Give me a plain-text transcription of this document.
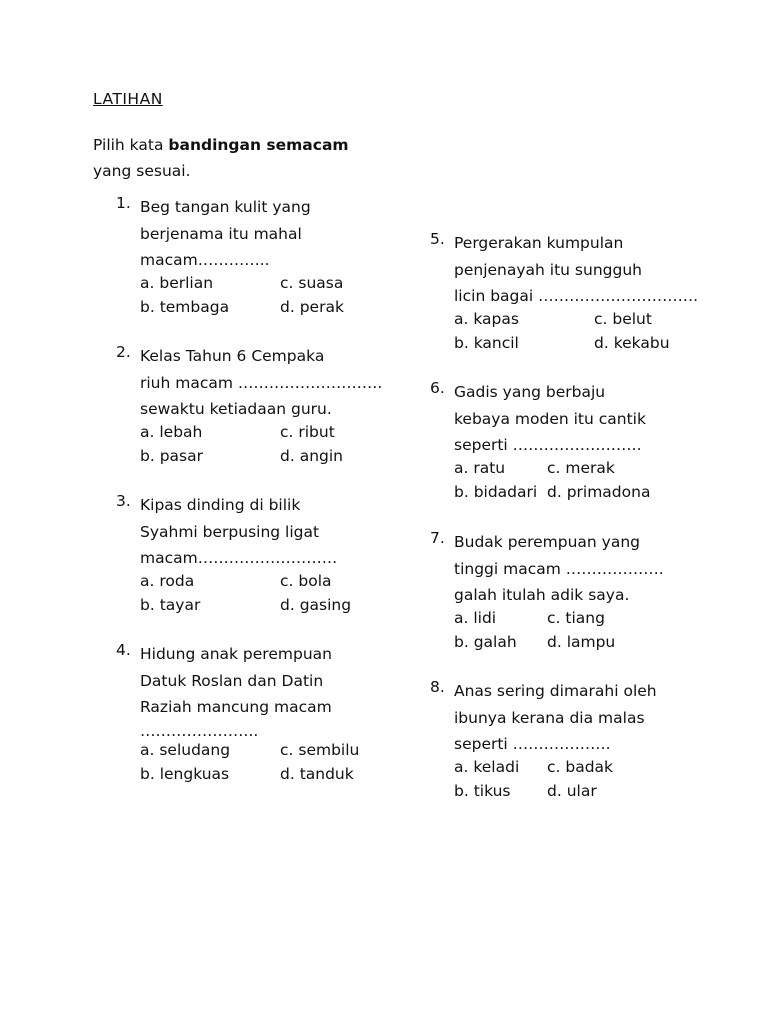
LATIHAN
Pilih kata bandingan semacam
yang sesuai.
1. Beg tangan kulit yang
berjenama itu mahal
macam…………..
a. berlian	c. suasa
b. tembaga	d. perak
2. Kelas Tahun 6 Cempaka
riuh macam ……………………….
sewaktu ketiadaan guru.
a. lebah	c. ribut
b. pasar	d. angin
3. Kipas dinding di bilik
Syahmi berpusing ligat
macam………………………
a. roda	c. bola
b. tayar	d. gasing
4. Hidung anak perempuan
Datuk Roslan dan Datin
Raziah mancung macam
…………………..
a. seludang	c. sembilu
b. lengkuas	d. tanduk
5. Pergerakan kumpulan
penjenayah itu sungguh
licin bagai ………………………….
a. kapas	c. belut
b. kancil	d. kekabu
6. Gadis yang berbaju
kebaya moden itu cantik
seperti …………………….
a. ratu	c. merak
b. bidadari d. primadona
7. Budak perempuan yang
tinggi macam ……………….
galah itulah adik saya.
a. lidi	c. tiang
b. galah	d. lampu
8. Anas sering dimarahi oleh
ibunya kerana dia malas
seperti ……………….
a. keladi	c. badak
b. tikus	d. ular
